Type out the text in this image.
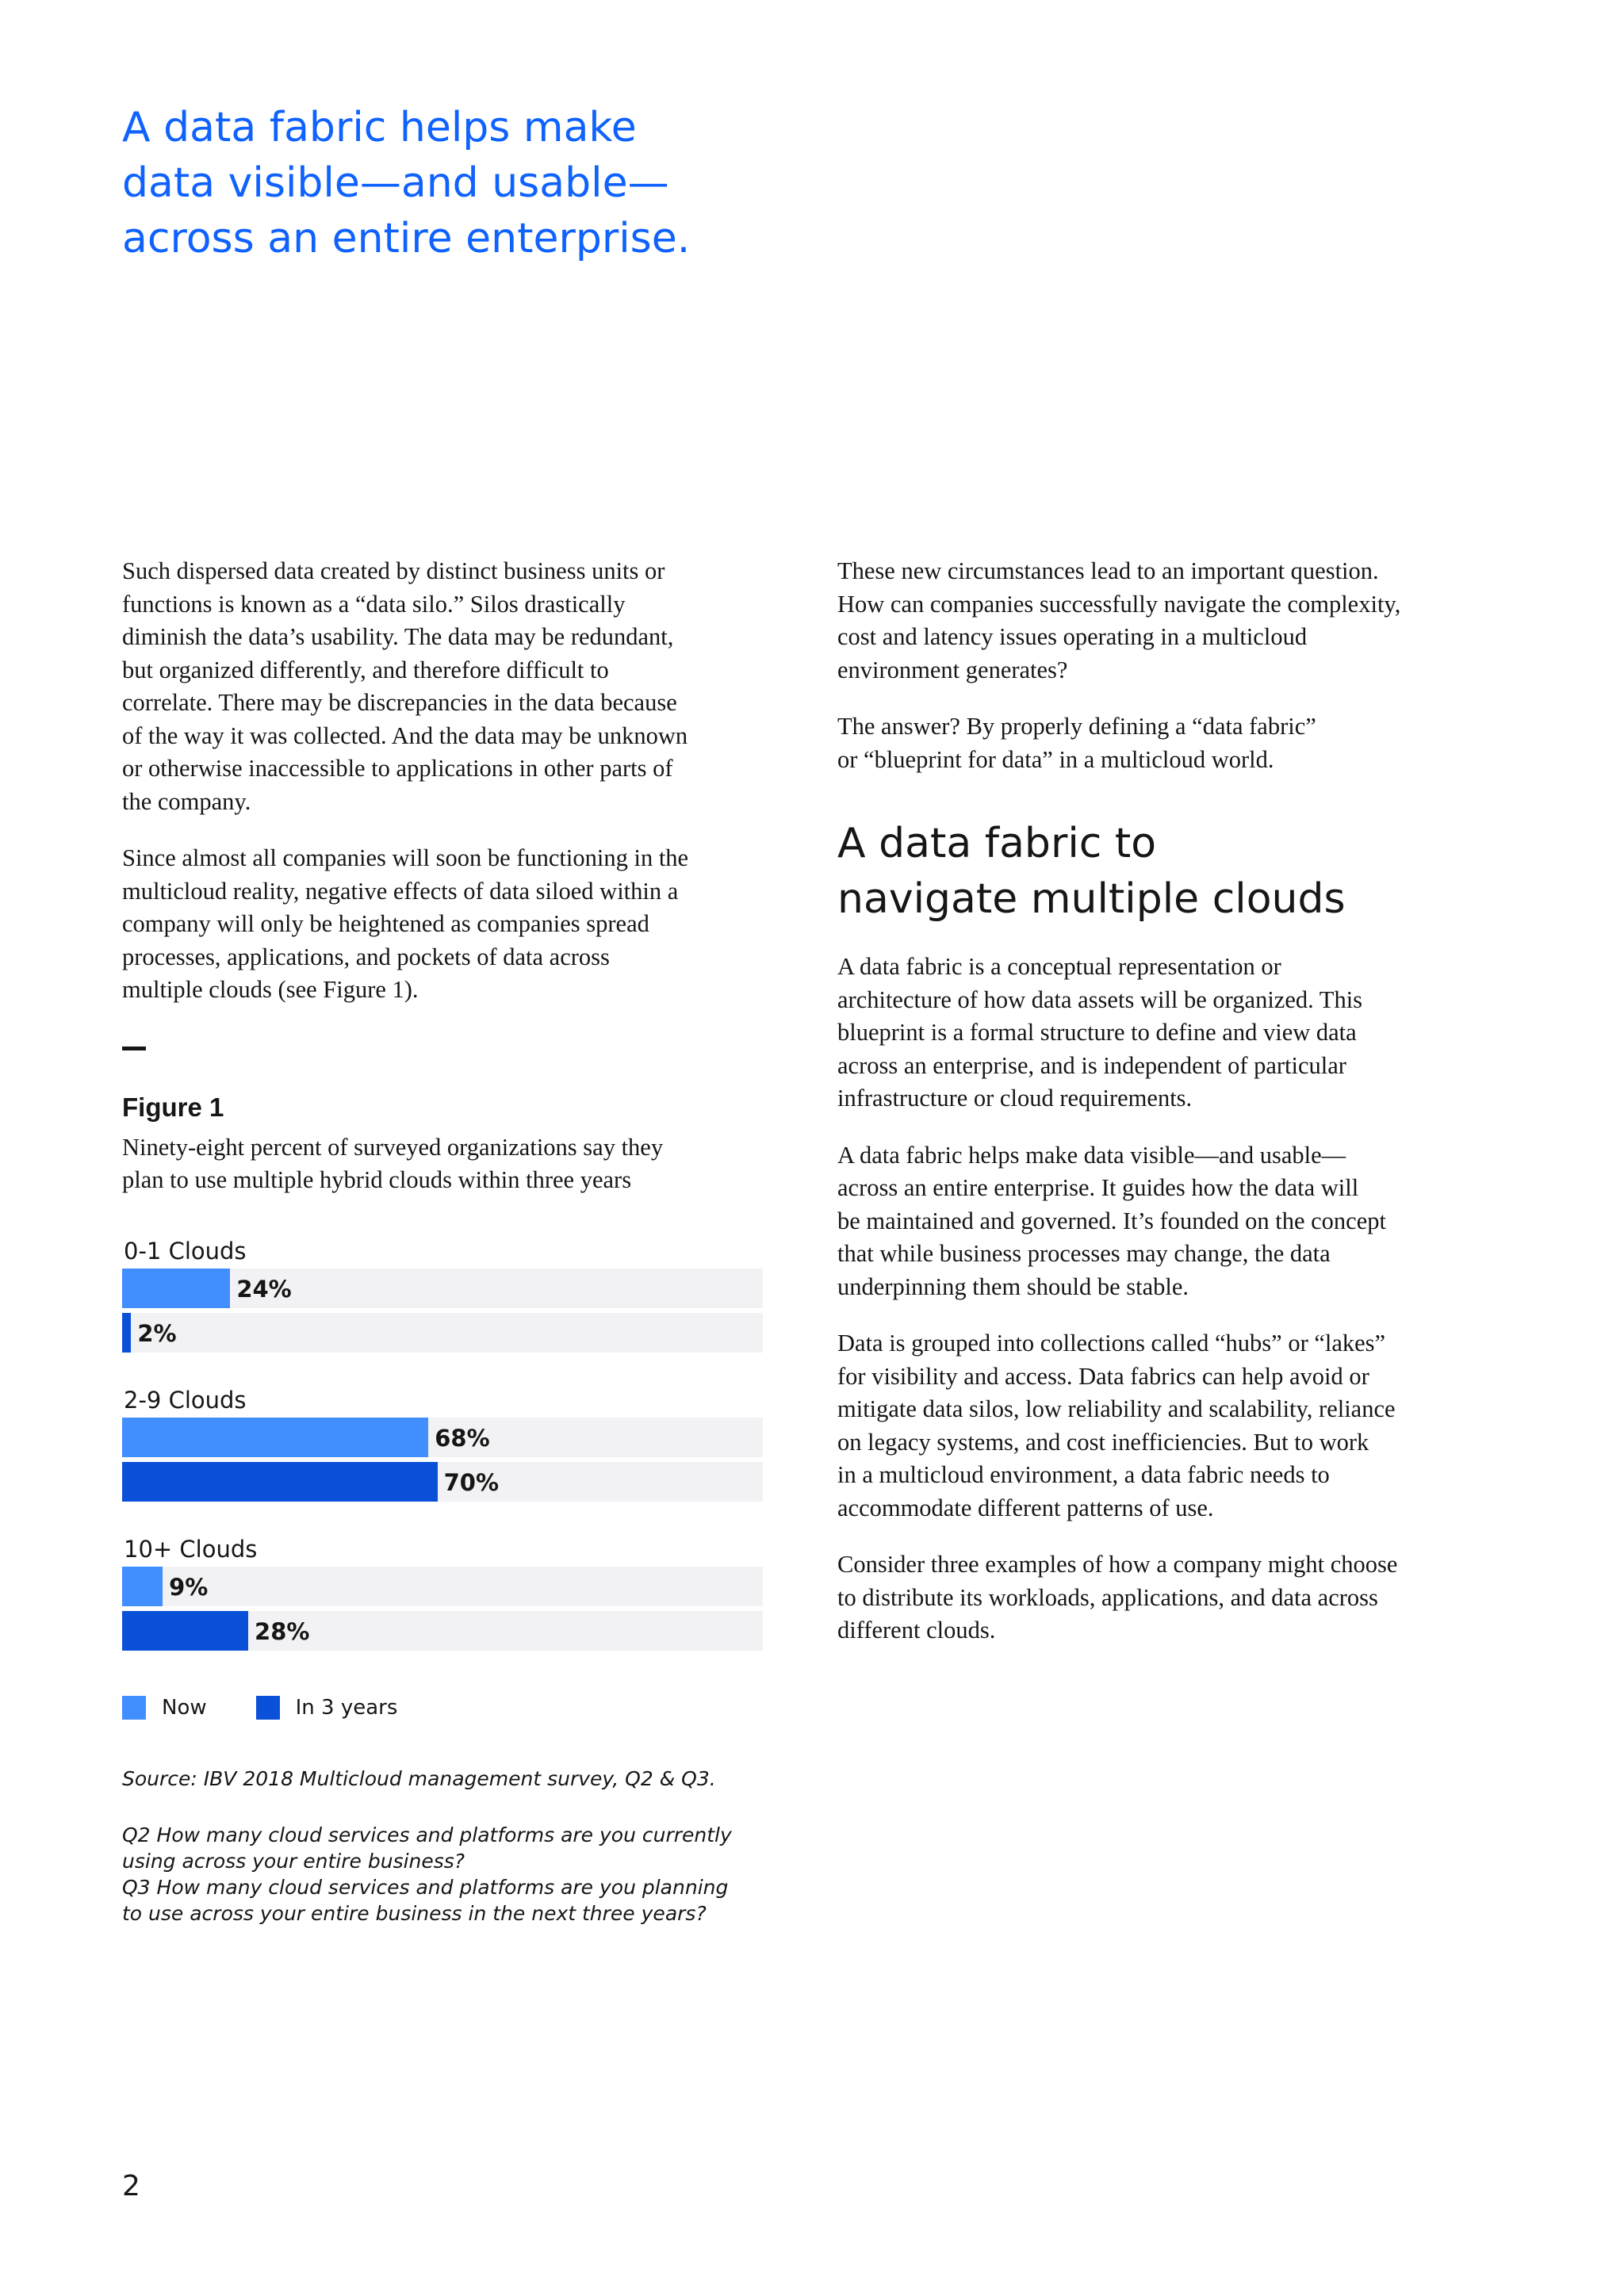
A data fabric helps make
data visible—and usable—
across an entire enterprise.

Such dispersed data created by distinct business units or
functions is known as a “data silo.” Silos drastically
diminish the data’s usability. The data may be redundant,
but organized differently, and therefore difficult to
correlate. There may be discrepancies in the data because
of the way it was collected. And the data may be unknown
or otherwise inaccessible to applications in other parts of
the company.

Since almost all companies will soon be functioning in the
multicloud reality, negative effects of data siloed within a
company will only be heightened as companies spread
processes, applications, and pockets of data across
multiple clouds (see Figure 1).

Figure 1

Ninety-eight percent of surveyed organizations say they
plan to use multiple hybrid clouds within three years

0-1 Clouds
24%
2%
2-9 Clouds
68%
70%
10+ Clouds
9%
28%
Now	In 3 years

Source: IBV 2018 Multicloud management survey, Q2 & Q3.

Q2 How many cloud services and platforms are you currently
using across your entire business?
Q3 How many cloud services and platforms are you planning
to use across your entire business in the next three years?

These new circumstances lead to an important question.
How can companies successfully navigate the complexity,
cost and latency issues operating in a multicloud
environment generates?

The answer? By properly defining a “data fabric”
or “blueprint for data” in a multicloud world.

A data fabric to
navigate multiple clouds

A data fabric is a conceptual representation or
architecture of how data assets will be organized. This
blueprint is a formal structure to define and view data
across an enterprise, and is independent of particular
infrastructure or cloud requirements.

A data fabric helps make data visible—and usable—
across an entire enterprise. It guides how the data will
be maintained and governed. It’s founded on the concept
that while business processes may change, the data
underpinning them should be stable.

Data is grouped into collections called “hubs” or “lakes”
for visibility and access. Data fabrics can help avoid or
mitigate data silos, low reliability and scalability, reliance
on legacy systems, and cost inefficiencies. But to work
in a multicloud environment, a data fabric needs to
accommodate different patterns of use.

Consider three examples of how a company might choose
to distribute its workloads, applications, and data across
different clouds.

2
